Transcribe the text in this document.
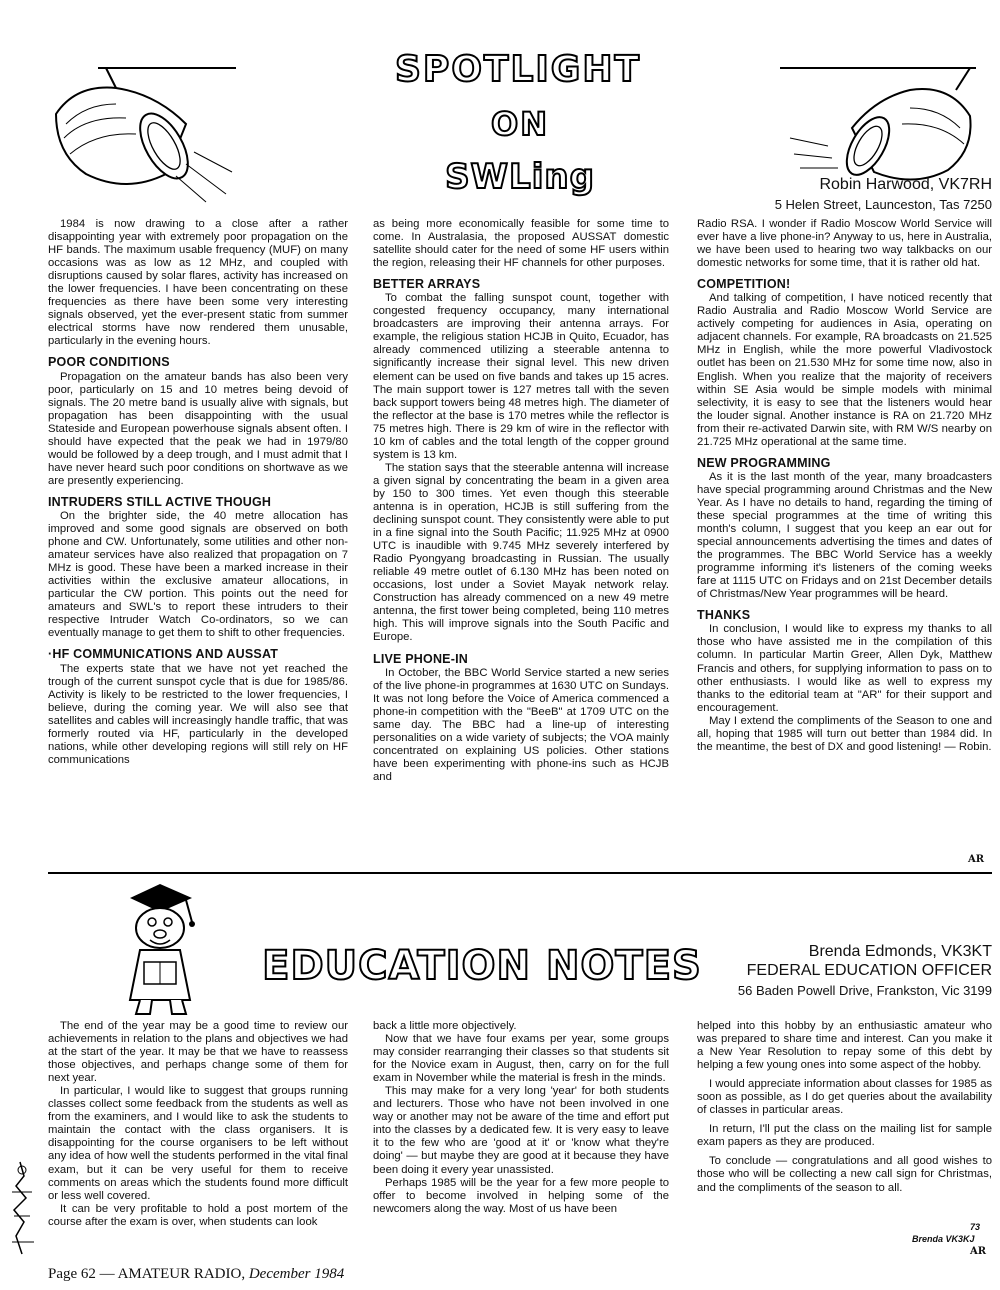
SPOTLIGHT
ON
SWLing	Robin Harwood, VK7RH
5 Helen Street, Launceston, Tas 7250

1984 is now drawing to a close after a rather disappointing year with extremely poor propagation on the HF bands. The maximum usable frequency (MUF) on many occasions was as low as 12 MHz, and coupled with disruptions caused by solar flares, activity has increased on the lower frequencies. I have been concentrating on these frequencies as there have been some very interesting signals observed, yet the ever-present static from summer electrical storms have now rendered them unusable, particularly in the evening hours.

POOR CONDITIONS

Propagation on the amateur bands has also been very poor, particularly on 15 and 10 metres being devoid of signals. The 20 metre band is usually alive with signals, but propagation has been disappointing with the usual Stateside and European powerhouse signals absent often. I should have expected that the peak we had in 1979/80 would be followed by a deep trough, and I must admit that I have never heard such poor conditions on shortwave as we are presently experiencing.

INTRUDERS STILL ACTIVE THOUGH

On the brighter side, the 40 metre allocation has improved and some good signals are observed on both phone and CW. Unfortunately, some utilities and other non-amateur services have also realized that propagation on 7 MHz is good. These have been a marked increase in their activities within the exclusive amateur allocations, in particular the CW portion. This points out the need for amateurs and SWL's to report these intruders to their respective Intruder Watch Co-ordinators, so we can eventually manage to get them to shift to other frequencies.

·HF COMMUNICATIONS AND AUSSAT

The experts state that we have not yet reached the trough of the current sunspot cycle that is due for 1985/86. Activity is likely to be restricted to the lower frequencies, I believe, during the coming year. We will also see that satellites and cables will increasingly handle traffic, that was formerly routed via HF, particularly in the developed nations, while other developing regions will still rely on HF communications

as being more economically feasible for some time to come. In Australasia, the proposed AUSSAT domestic satellite should cater for the need of some HF users within the region, releasing their HF channels for other purposes.

BETTER ARRAYS

To combat the falling sunspot count, together with congested frequency occupancy, many international broadcasters are improving their antenna arrays. For example, the religious station HCJB in Quito, Ecuador, has already commenced utilizing a steerable antenna to significantly increase their signal level. This new driven element can be used on five bands and takes up 15 acres. The main support tower is 127 metres tall with the seven back support towers being 48 metres high. The diameter of the reflector at the base is 170 metres while the reflector is 75 metres high. There is 29 km of wire in the reflector with 10 km of cables and the total length of the copper ground system is 13 km.

The station says that the steerable antenna will increase a given signal by concentrating the beam in a given area by 150 to 300 times. Yet even though this steerable antenna is in operation, HCJB is still suffering from the declining sunspot count. They consistently were able to put in a fine signal into the South Pacific; 11.925 MHz at 0900 UTC is inaudible with 9.745 MHz severely interfered by Radio Pyongyang broadcasting in Russian. The usually reliable 49 metre outlet of 6.130 MHz has been noted on occasions, lost under a Soviet Mayak network relay. Construction has already commenced on a new 49 metre antenna, the first tower being completed, being 110 metres high. This will improve signals into the South Pacific and Europe.

LIVE PHONE-IN

In October, the BBC World Service started a new series of the live phone-in programmes at 1630 UTC on Sundays. It was not long before the Voice of America commenced a phone-in competition with the "BeeB" at 1709 UTC on the same day. The BBC had a line-up of interesting personalities on a wide variety of subjects; the VOA mainly concentrated on explaining US policies. Other stations have been experimenting with phone-ins such as HCJB and

Radio RSA. I wonder if Radio Moscow World Service will ever have a live phone-in? Anyway to us, here in Australia, we have been used to hearing two way talkbacks on our domestic networks for some time, that it is rather old hat.

COMPETITION!

And talking of competition, I have noticed recently that Radio Australia and Radio Moscow World Service are actively competing for audiences in Asia, operating on adjacent channels. For example, RA broadcasts on 21.525 MHz in English, while the more powerful Vladivostock outlet has been on 21.530 MHz for some time now, also in English. When you realize that the majority of receivers within SE Asia would be simple models with minimal selectivity, it is easy to see that the listeners would hear the louder signal. Another instance is RA on 21.720 MHz from their re-activated Darwin site, with RM W/S nearby on 21.725 MHz operational at the same time.

NEW PROGRAMMING

As it is the last month of the year, many broadcasters have special programming around Christmas and the New Year. As I have no details to hand, regarding the timing of these special programmes at the time of writing this month's column, I suggest that you keep an ear out for special announcements advertising the times and dates of the programmes. The BBC World Service has a weekly programme informing it's listeners of the coming weeks fare at 1115 UTC on Fridays and on 21st December details of Christmas/New Year programmes will be heard.

THANKS

In conclusion, I would like to express my thanks to all those who have assisted me in the compilation of this column. In particular Martin Greer, Allen Dyk, Matthew Francis and others, for supplying information to pass on to other enthusiasts. I would like as well to express my thanks to the editorial team at "AR" for their support and encouragement.

May I extend the compliments of the Season to one and all, hoping that 1985 will turn out better than 1984 did. In the meantime, the best of DX and good listening! — Robin.

AR
EDUCATION NOTES	Brenda Edmonds, VK3KT
FEDERAL EDUCATION OFFICER
56 Baden Powell Drive, Frankston, Vic 3199

The end of the year may be a good time to review our achievements in relation to the plans and objectives we had at the start of the year. It may be that we have to reassess those objectives, and perhaps change some of them for next year.

In particular, I would like to suggest that groups running classes collect some feedback from the students as well as from the examiners, and I would like to ask the students to maintain the contact with the class organisers. It is disappointing for the course organisers to be left without any idea of how well the students performed in the vital final exam, but it can be very useful for them to receive comments on areas which the students found more difficult or less well covered.

It can be very profitable to hold a post mortem of the course after the exam is over, when students can look

back a little more objectively.

Now that we have four exams per year, some groups may consider rearranging their classes so that students sit for the Novice exam in August, then, carry on for the full exam in November while the material is fresh in the minds.

This may make for a very long 'year' for both students and lecturers. Those who have not been involved in one way or another may not be aware of the time and effort put into the classes by a dedicated few. It is very easy to leave it to the few who are 'good at it' or 'know what they're doing' — but maybe they are good at it because they have been doing it every year unassisted.

Perhaps 1985 will be the year for a few more people to offer to become involved in helping some of the newcomers along the way. Most of us have been

helped into this hobby by an enthusiastic amateur who was prepared to share time and interest. Can you make it a New Year Resolution to repay some of this debt by helping a few young ones into some aspect of the hobby.

I would appreciate information about classes for 1985 as soon as possible, as I do get queries about the availability of classes in particular areas.

In return, I'll put the class on the mailing list for sample exam papers as they are produced.

To conclude — congratulations and all good wishes to those who will be collecting a new call sign for Christmas, and the compliments of the season to all.

73
Brenda VK3KJ
AR
Page 62 — AMATEUR RADIO, December 1984
